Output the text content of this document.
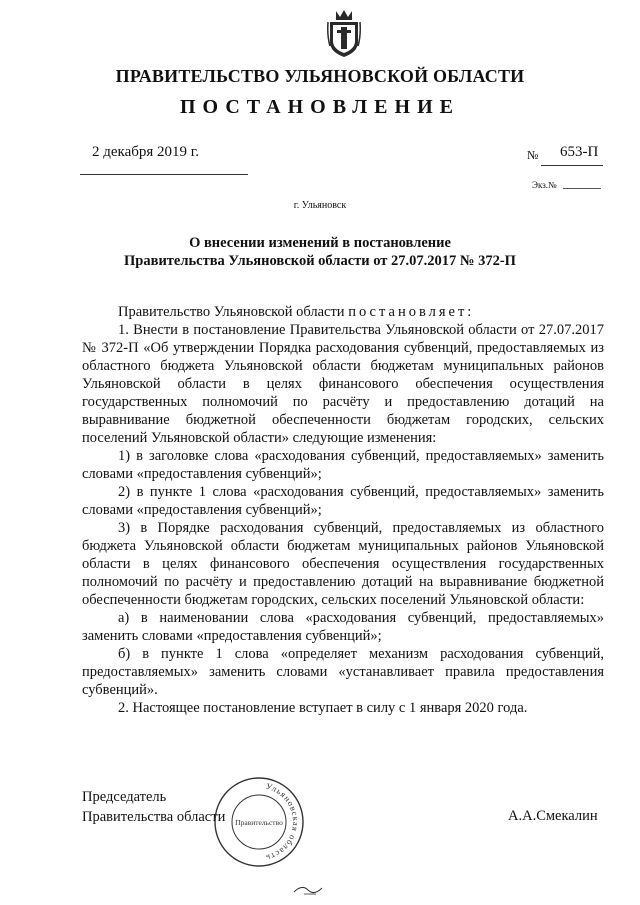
ПРАВИТЕЛЬСТВО УЛЬЯНОВСКОЙ ОБЛАСТИ
ПОСТАНОВЛЕНИЕ
2 декабря 2019 г.	№ 653-П
Экз.№
г. Ульяновск
О внесении изменений в постановление
Правительства Ульяновской области от 27.07.2017 № 372-П

Правительство Ульяновской области постановляет:

1. Внести в постановление Правительства Ульяновской области от 27.07.2017 № 372-П «Об утверждении Порядка расходования субвенций, предоставляемых из областного бюджета Ульяновской области бюджетам муниципальных районов Ульяновской области в целях финансового обеспечения осуществления государственных полномочий по расчёту и предоставлению дотаций на выравнивание бюджетной обеспеченности бюджетам городских, сельских поселений Ульяновской области» следующие изменения:

1) в заголовке слова «расходования субвенций, предоставляемых» заменить словами «предоставления субвенций»;

2) в пункте 1 слова «расходования субвенций, предоставляемых» заменить словами «предоставления субвенций»;

3) в Порядке расходования субвенций, предоставляемых из областного бюджета Ульяновской области бюджетам муниципальных районов Ульяновской области в целях финансового обеспечения осуществления государственных полномочий по расчёту и предоставлению дотаций на выравнивание бюджетной обеспеченности бюджетам городских, сельских поселений Ульяновской области:

а) в наименовании слова «расходования субвенций, предоставляемых» заменить словами «предоставления субвенций»;

б) в пункте 1 слова «определяет механизм расходования субвенций, предоставляемых» заменить словами «устанавливает правила предоставления субвенций».

2. Настоящее постановление вступает в силу с 1 января 2020 года.

Председатель
Правительства области	А.А.Смекалин
Ульяновская область
Правительство
